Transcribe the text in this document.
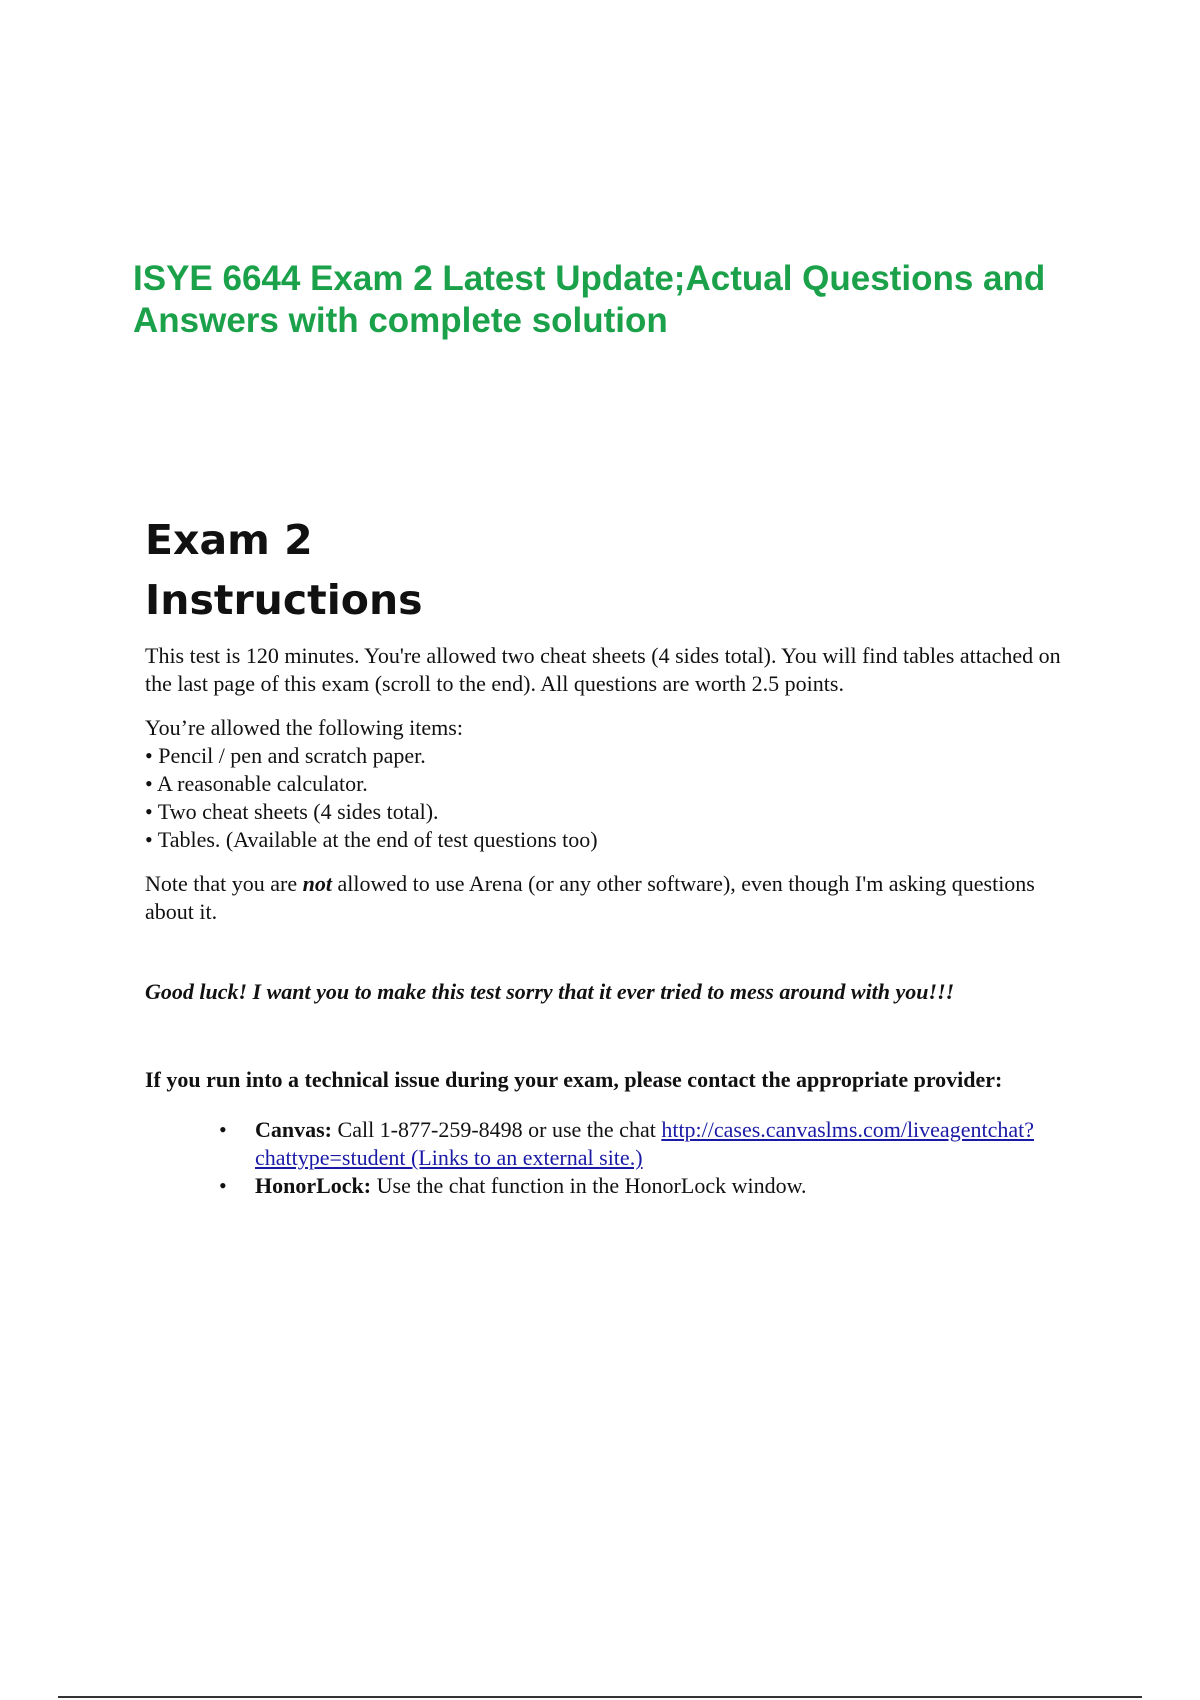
ISYE 6644 Exam 2 Latest Update;Actual Questions and Answers with complete solution
Exam 2
Instructions

This test is 120 minutes. You're allowed two cheat sheets (4 sides total). You will find tables attached on the last page of this exam (scroll to the end). All questions are worth 2.5 points.

You’re allowed the following items:
• Pencil / pen and scratch paper.
• A reasonable calculator.
• Two cheat sheets (4 sides total).
• Tables. (Available at the end of test questions too)

Note that you are not allowed to use Arena (or any other software), even though I'm asking questions about it.

Good luck! I want you to make this test sorry that it ever tried to mess around with you!!!

If you run into a technical issue during your exam, please contact the appropriate provider:

• Canvas: Call 1-877-259-8498 or use the chat http://cases.canvaslms.com/liveagentchat?chattype=student (Links to an external site.)
• HonorLock: Use the chat function in the HonorLock window.
